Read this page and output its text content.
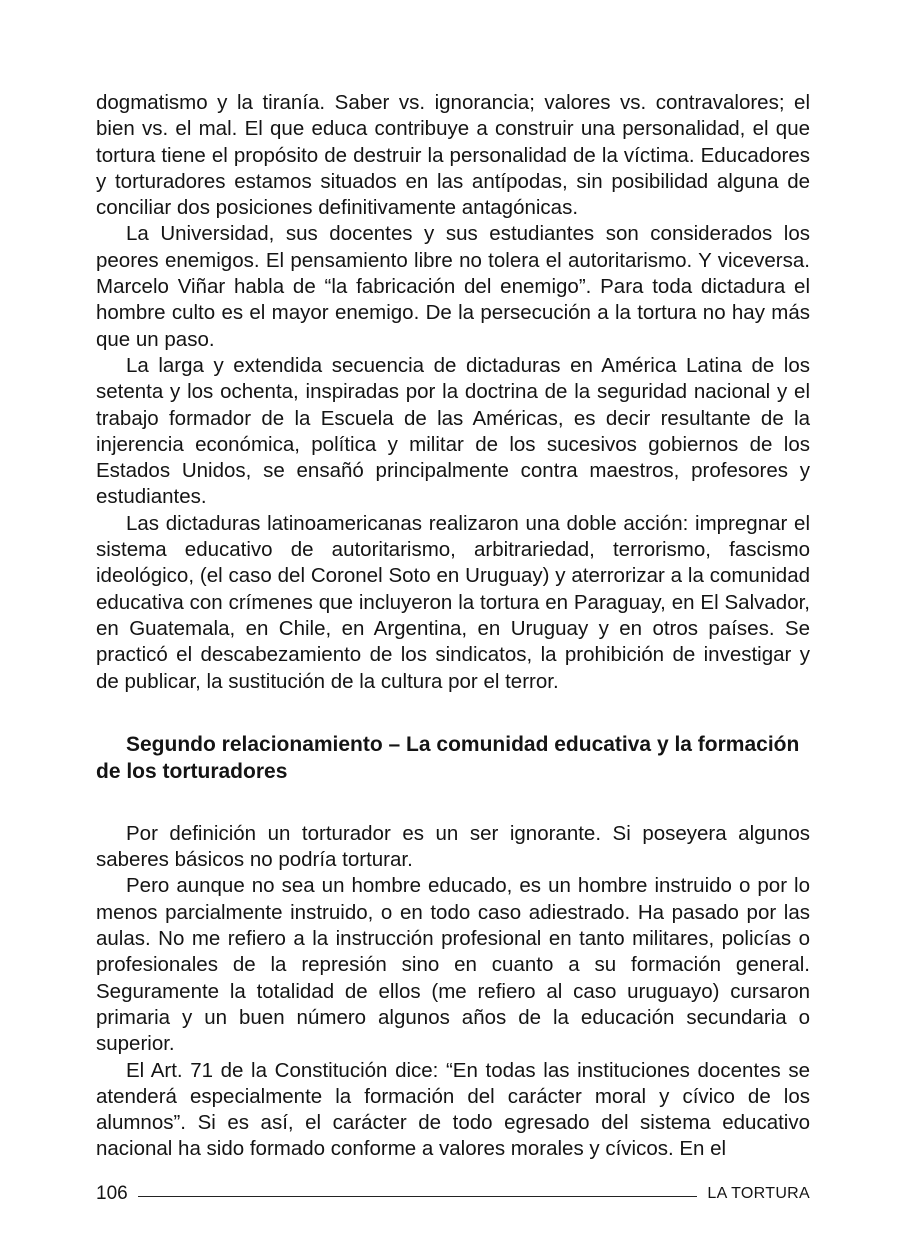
dogmatismo y la tiranía. Saber vs. ignorancia; valores vs. contravalores; el bien vs. el mal. El que educa contribuye a construir una personalidad, el que tortura tiene el propósito de destruir la personalidad de la víctima. Educadores y torturadores estamos situados en las antípodas, sin posibilidad alguna de conciliar dos posiciones definitivamente antagónicas.

La Universidad, sus docentes y sus estudiantes son considerados los peores enemigos. El pensamiento libre no tolera el autoritarismo. Y viceversa. Marcelo Viñar habla de “la fabricación del enemigo”. Para toda dictadura el hombre culto es el mayor enemigo. De la persecución a la tortura no hay más que un paso.

La larga y extendida secuencia de dictaduras en América Latina de los setenta y los ochenta, inspiradas por la doctrina de la seguridad nacional y el trabajo formador de la Escuela de las Américas, es decir resultante de la injerencia económica, política y militar de los sucesivos gobiernos de los Estados Unidos, se ensañó principalmente contra maestros, profesores y estudiantes.

Las dictaduras latinoamericanas realizaron una doble acción: impregnar el sistema educativo de autoritarismo, arbitrariedad, terrorismo, fascismo ideológico, (el caso del Coronel Soto en Uruguay) y aterrorizar a la comunidad educativa con crímenes que incluyeron la tortura en Paraguay, en El Salvador, en Guatemala, en Chile, en Argentina, en Uruguay y en otros países. Se practicó el descabezamiento de los sindicatos, la prohibición de investigar y de publicar, la sustitución de la cultura por el terror.

Segundo relacionamiento – La comunidad educativa y la formación de los torturadores

Por definición un torturador es un ser ignorante. Si poseyera algunos saberes básicos no podría torturar.

Pero aunque no sea un hombre educado, es un hombre instruido o por lo menos parcialmente instruido, o en todo caso adiestrado. Ha pasado por las aulas. No me refiero a la instrucción profesional en tanto militares, policías o profesionales de la represión sino en cuanto a su formación general. Seguramente la totalidad de ellos (me refiero al caso uruguayo) cursaron primaria y un buen número algunos años de la educación secundaria o superior.

El Art. 71 de la Constitución dice: “En todas las instituciones docentes se atenderá especialmente la formación del carácter moral y cívico de los alumnos”. Si es así, el carácter de todo egresado del sistema educativo nacional ha sido formado conforme a valores morales y cívicos. En el

106	LA TORTURA
